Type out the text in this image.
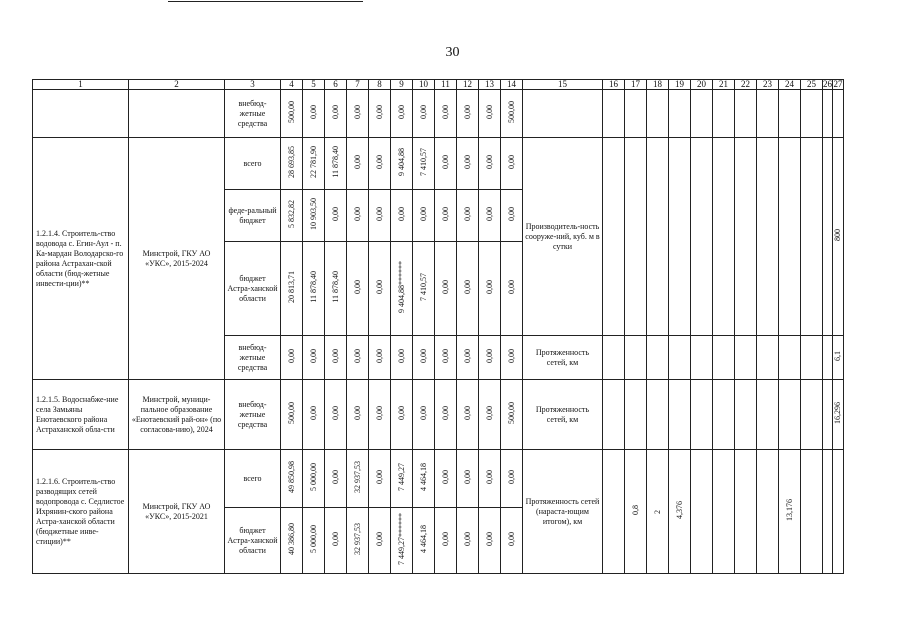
30
1	2	3	4	5	6	7	8	9	10	11	12	13	14	15	16	17	18	19	20	21	22	23	24	25	26	27
		внебюд-жетные средства	500,00	0,00	0,00	0,00	0,00	0,00	0,00	0,00	0,00	0,00	500,00													
1.2.1.4. Строитель-ство водовода с. Егин-Аул - п. Ка-мардан Володарско-го района Астрахан-ской области (бюд-жетные инвести-ции)**	Минстрой, ГКУ АО «УКС», 2015-2024	всего	28 693,85	22 781,90	11 878,40	0,00	0,00	9 404,88	7 410,57	0,00	0,00	0,00	0,00	Производитель-ность сооруже-ний, куб. м в сутки												800
		феде-ральный бюджет	5 832,82	10 903,50	0,00	0,00	0,00	0,00	0,00	0,00	0,00	0,00	0,00													
		бюджет Астра-ханской области	20 813,71	11 878,40	11 878,40	0,00	0,00	9 404,88******	7 410,57	0,00	0,00	0,00	0,00													
		внебюд-жетные средства	0,00	0,00	0,00	0,00	0,00	0,00	0,00	0,00	0,00	0,00	0,00	Протяженность сетей, км												6,1
1.2.1.5. Водоснабже-ние села Замьяны Енотаевского района Астраханской обла-сти	Минстрой, муници-пальное образование «Енотаевский рай-он» (по согласова-нию), 2024	внебюд-жетные средства	500,00	0,00	0,00	0,00	0,00	0,00	0,00	0,00	0,00	0,00	500,00	Протяженность сетей, км												16,296
1.2.1.6. Строитель-ство разводящих сетей водопровода с. Седлистое Ихрянин-ского района Астра-ханской области (бюджетные инве-стиции)**	Минстрой, ГКУ АО «УКС», 2015-2021	всего	49 850,98	5 000,00	0,00	32 937,53	0,00	7 449,27	4 464,18	0,00	0,00	0,00	0,00	Протяженность сетей (нараста-ющим итогом), км		0,8	2	4,376					13,176			
		бюджет Астра-ханской области	40 386,80	5 000,00	0,00	32 937,53	0,00	7 449,27******	4 464,18	0,00	0,00	0,00	0,00													
